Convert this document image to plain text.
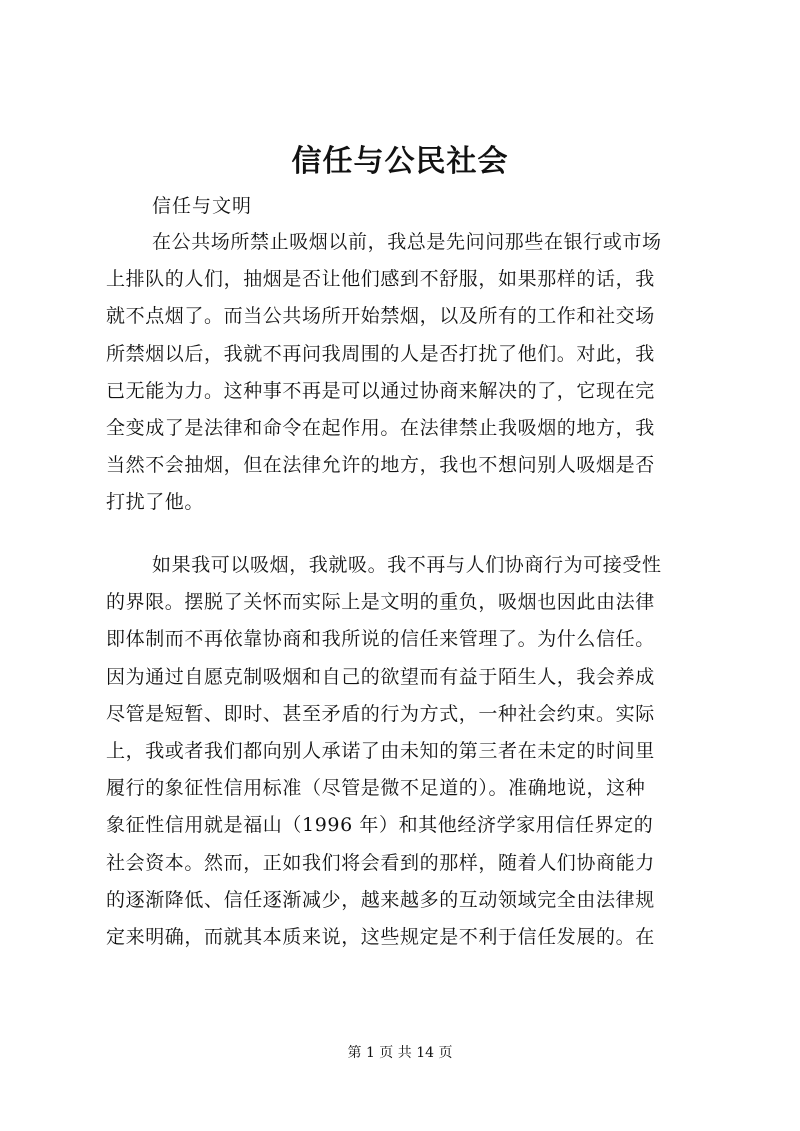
信任与公民社会
信任与文明
在公共场所禁止吸烟以前，我总是先问问那些在银行或市场
上排队的人们，抽烟是否让他们感到不舒服，如果那样的话，我
就不点烟了。而当公共场所开始禁烟，以及所有的工作和社交场
所禁烟以后，我就不再问我周围的人是否打扰了他们。对此，我
已无能为力。这种事不再是可以通过协商来解决的了，它现在完
全变成了是法律和命令在起作用。在法律禁止我吸烟的地方，我
当然不会抽烟，但在法律允许的地方，我也不想问别人吸烟是否
打扰了他。
如果我可以吸烟，我就吸。我不再与人们协商行为可接受性
的界限。摆脱了关怀而实际上是文明的重负，吸烟也因此由法律
即体制而不再依靠协商和我所说的信任来管理了。为什么信任。
因为通过自愿克制吸烟和自己的欲望而有益于陌生人，我会养成
尽管是短暂、即时、甚至矛盾的行为方式，一种社会约束。实际
上，我或者我们都向别人承诺了由未知的第三者在未定的时间里
履行的象征性信用标准（尽管是微不足道的）。准确地说，这种
象征性信用就是福山（1996 年）和其他经济学家用信任界定的
社会资本。然而，正如我们将会看到的那样，随着人们协商能力
的逐渐降低、信任逐渐减少，越来越多的互动领域完全由法律规
定来明确，而就其本质来说，这些规定是不利于信任发展的。在
第 1 页 共 14 页
